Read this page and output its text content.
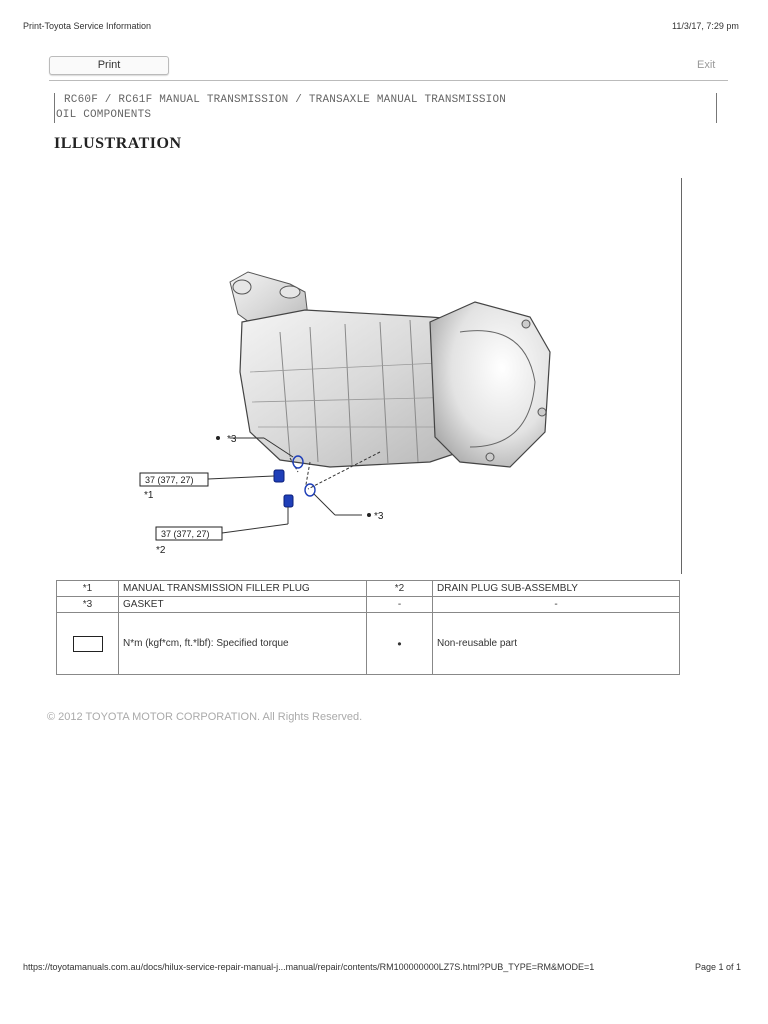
Print-Toyota Service Information	11/3/17, 7:29 pm
Print	Exit
RC60F / RC61F MANUAL TRANSMISSION / TRANSAXLE MANUAL TRANSMISSION
OIL COMPONENTS
ILLUSTRATION
*3
37 (377, 27)
*1
*3
37 (377, 27)
*2
*1	MANUAL TRANSMISSION FILLER PLUG	*2	DRAIN PLUG SUB-ASSEMBLY
*3	GASKET	-	-

	N*m (kgf*cm, ft.*lbf): Specified torque	•	Non-reusable part
© 2012 TOYOTA MOTOR CORPORATION. All Rights Reserved.
https://toyotamanuals.com.au/docs/hilux-service-repair-manual-j...manual/repair/contents/RM100000000LZ7S.html?PUB_TYPE=RM&MODE=1	Page 1 of 1
